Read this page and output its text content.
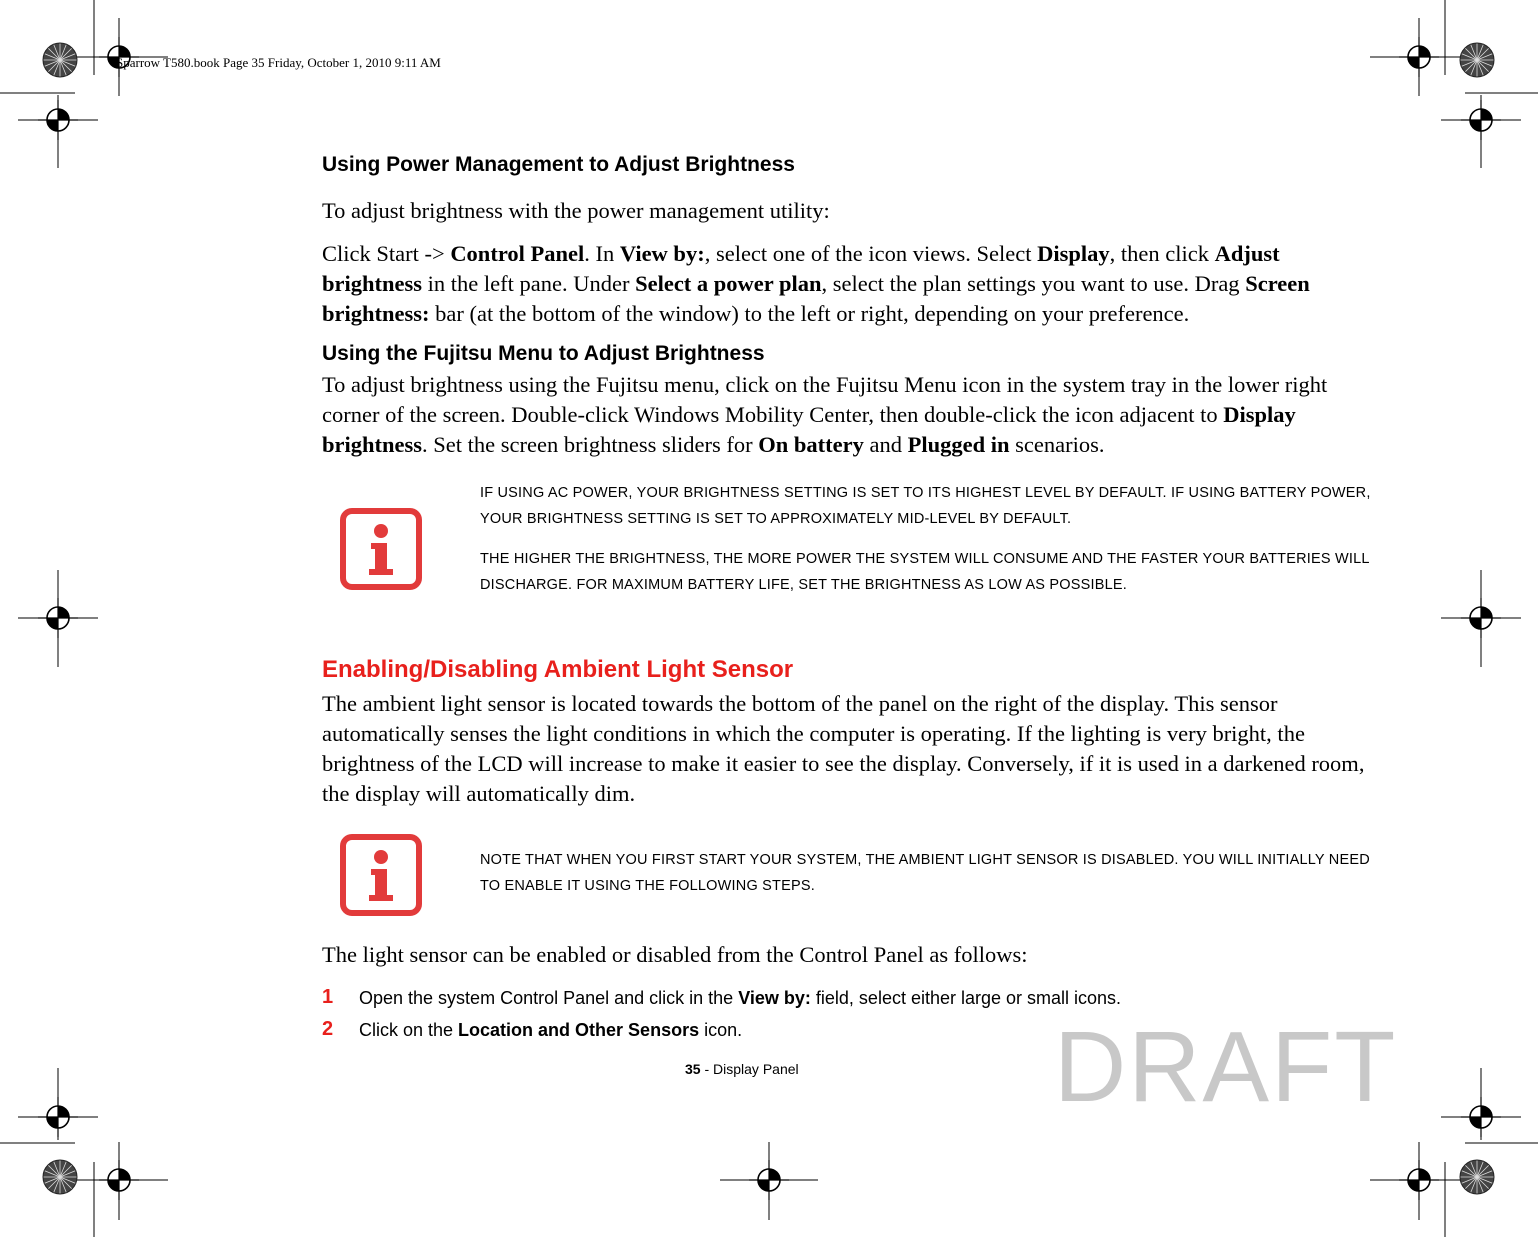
Sparrow T580.book Page 35 Friday, October 1, 2010 9:11 AM
Using Power Management to Adjust Brightness

To adjust brightness with the power management utility:

Click Start -> Control Panel. In View by:, select one of the icon views. Select Display, then click Adjust brightness in the left pane. Under Select a power plan, select the plan settings you want to use. Drag Screen brightness: bar (at the bottom of the window) to the left or right, depending on your preference.

Using the Fujitsu Menu to Adjust Brightness

To adjust brightness using the Fujitsu menu, click on the Fujitsu Menu icon in the system tray in the lower right corner of the screen. Double-click Windows Mobility Center, then double-click the icon adjacent to Display brightness. Set the screen brightness sliders for On battery and Plugged in scenarios.

IF USING AC POWER, YOUR BRIGHTNESS SETTING IS SET TO ITS HIGHEST LEVEL BY DEFAULT. IF USING BATTERY POWER, YOUR BRIGHTNESS SETTING IS SET TO APPROXIMATELY MID-LEVEL BY DEFAULT.

THE HIGHER THE BRIGHTNESS, THE MORE POWER THE SYSTEM WILL CONSUME AND THE FASTER YOUR BATTERIES WILL DISCHARGE. FOR MAXIMUM BATTERY LIFE, SET THE BRIGHTNESS AS LOW AS POSSIBLE.

Enabling/Disabling Ambient Light Sensor

The ambient light sensor is located towards the bottom of the panel on the right of the display. This sensor automatically senses the light conditions in which the computer is operating. If the lighting is very bright, the brightness of the LCD will increase to make it easier to see the display. Conversely, if it is used in a darkened room, the display will automatically dim.

NOTE THAT WHEN YOU FIRST START YOUR SYSTEM, THE AMBIENT LIGHT SENSOR IS DISABLED. YOU WILL INITIALLY NEED TO ENABLE IT USING THE FOLLOWING STEPS.

The light sensor can be enabled or disabled from the Control Panel as follows:

1 Open the system Control Panel and click in the View by: field, select either large or small icons.
2 Click on the Location and Other Sensors icon.
35 - Display Panel	DRAFT
